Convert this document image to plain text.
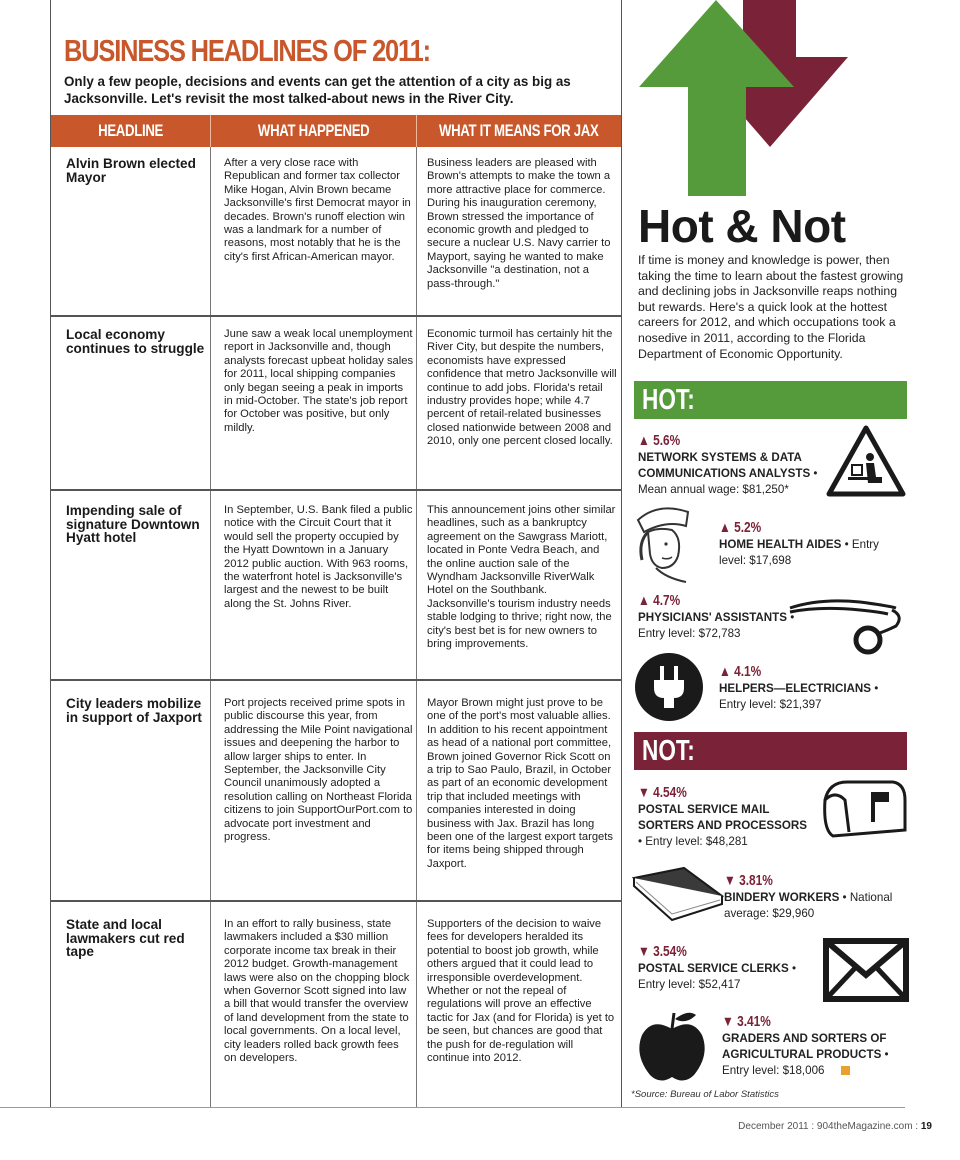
BUSINESS HEADLINES OF 2011:
Only a few people, decisions and events can get the attention of a city as big as Jacksonville. Let's revisit the most talked-about news in the River City.
HEADLINE	WHAT HAPPENED	WHAT IT MEANS FOR JAX
Alvin Brown elected Mayor
After a very close race with Republican and former tax collector Mike Hogan, Alvin Brown became Jacksonville's first Democrat mayor in decades. Brown's runoff election win was a landmark for a number of reasons, most notably that he is the city's first African-American mayor.
Business leaders are pleased with Brown's attempts to make the town a more attractive place for commerce. During his inauguration ceremony, Brown stressed the importance of economic growth and pledged to secure a nuclear U.S. Navy carrier to Mayport, saying he wanted to make Jacksonville "a destination, not a pass-through."
Local economy continues to struggle
June saw a weak local unemployment report in Jacksonville and, though analysts forecast upbeat holiday sales for 2011, local shipping companies only began seeing a peak in imports in mid-October. The state's job report for October was positive, but only mildly.
Economic turmoil has certainly hit the River City, but despite the numbers, economists have expressed confidence that metro Jacksonville will continue to add jobs. Florida's retail industry provides hope; while 4.7 percent of retail-related businesses closed nationwide between 2008 and 2010, only one percent closed locally.
Impending sale of signature Downtown Hyatt hotel
In September, U.S. Bank filed a public notice with the Circuit Court that it would sell the property occupied by the Hyatt Downtown in a January 2012 public auction. With 963 rooms, the waterfront hotel is Jacksonville's largest and the newest to be built along the St. Johns River.
This announcement joins other similar headlines, such as a bankruptcy agreement on the Sawgrass Mariott, located in Ponte Vedra Beach, and the online auction sale of the Wyndham Jacksonville RiverWalk Hotel on the Southbank. Jacksonville's tourism industry needs stable lodging to thrive; right now, the city's best bet is for new owners to bring improvements.
City leaders mobilize in support of Jaxport
Port projects received prime spots in public discourse this year, from addressing the Mile Point navigational issues and deepening the harbor to allow larger ships to enter. In September, the Jacksonville City Council unanimously adopted a resolution calling on Northeast Florida citizens to join SupportOurPort.com to advocate port investment and progress.
Mayor Brown might just prove to be one of the port's most valuable allies. In addition to his recent appointment as head of a national port committee, Brown joined Governor Rick Scott on a trip to Sao Paulo, Brazil, in October as part of an economic development trip that included meetings with companies interested in doing business with Jax. Brazil has long been one of the largest export targets for items being shipped through Jaxport.
State and local lawmakers cut red tape
In an effort to rally business, state lawmakers included a $30 million corporate income tax break in their 2012 budget. Growth-management laws were also on the chopping block when Governor Scott signed into law a bill that would transfer the overview of land development from the state to local governments. On a local level, city leaders rolled back growth fees on developers.
Supporters of the decision to waive fees for developers heralded its potential to boost job growth, while others argued that it could lead to irresponsible overdevelopment. Whether or not the repeal of regulations will prove an effective tactic for Jax (and for Florida) is yet to be seen, but chances are good that the push for de-regulation will continue into 2012.
Hot & Not
If time is money and knowledge is power, then taking the time to learn about the fastest growing and declining jobs in Jacksonville reaps nothing but rewards. Here's a quick look at the hottest careers for 2012, and which occupations took a nosedive in 2011, according to the Florida Department of Economic Opportunity.
HOT:
▲ 5.6%
NETWORK SYSTEMS & DATA COMMUNICATIONS ANALYSTS •
Mean annual wage: $81,250*
▲ 5.2%
HOME HEALTH AIDES • Entry level: $17,698
▲ 4.7%
PHYSICIANS' ASSISTANTS •
Entry level: $72,783
▲ 4.1%
HELPERS—ELECTRICIANS •
Entry level: $21,397
NOT:
▼ 4.54%
POSTAL SERVICE MAIL SORTERS AND PROCESSORS
• Entry level: $48,281
▼ 3.81%
BINDERY WORKERS • National
average: $29,960
▼ 3.54%
POSTAL SERVICE CLERKS •
Entry level: $52,417
▼ 3.41%
GRADERS AND SORTERS OF AGRICULTURAL PRODUCTS •
Entry level: $18,006
*Source: Bureau of Labor Statistics
December 2011 : 904theMagazine.com : 19
